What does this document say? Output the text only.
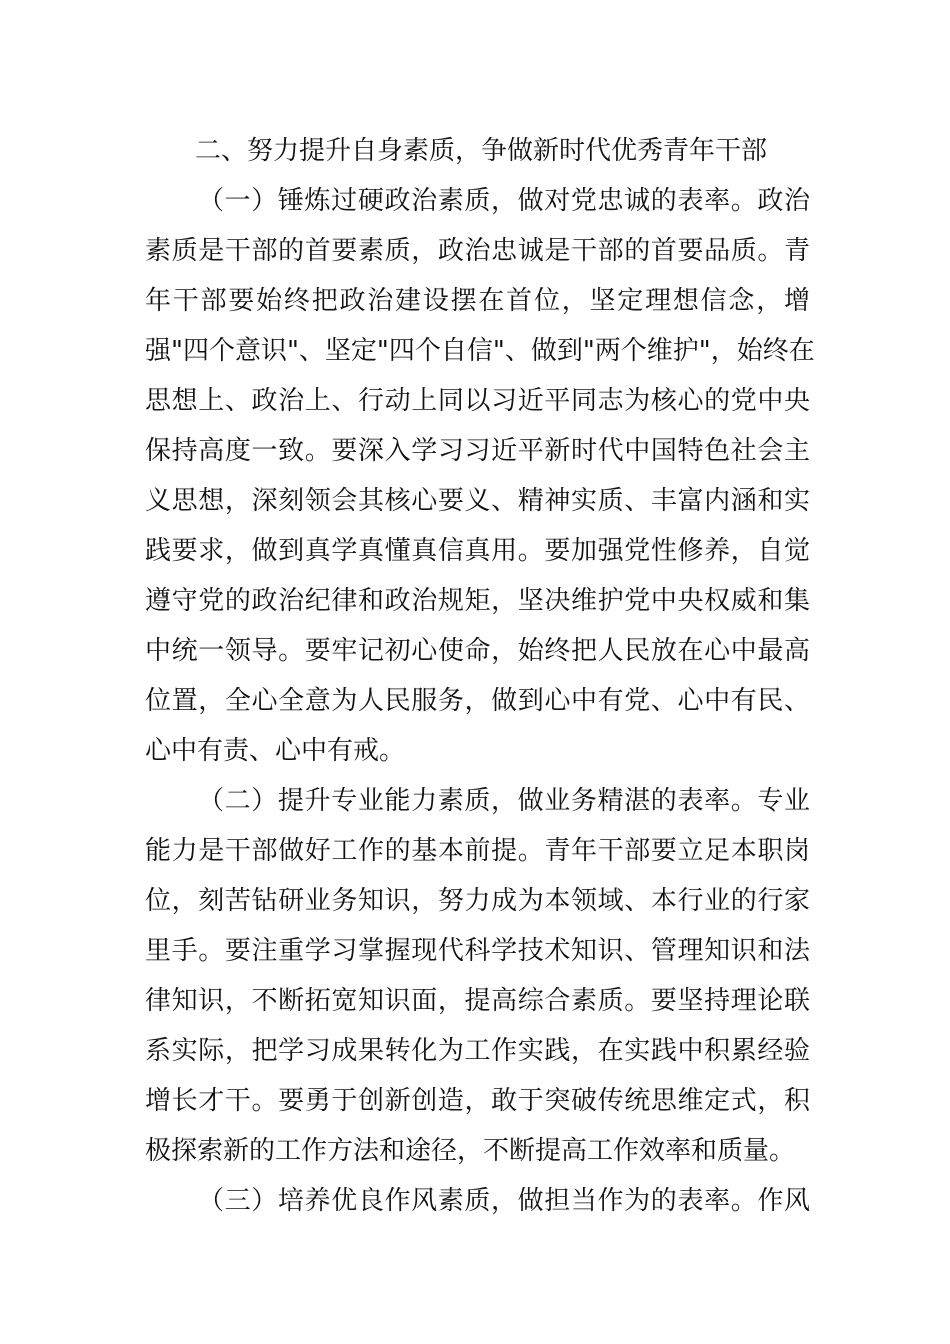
二、努力提升自身素质，争做新时代优秀青年干部
（一）锤炼过硬政治素质，做对党忠诚的表率。政治
素质是干部的首要素质，政治忠诚是干部的首要品质。青
年干部要始终把政治建设摆在首位，坚定理想信念，增
强"四个意识"、坚定"四个自信"、做到"两个维护"，始终在
思想上、政治上、行动上同以习近平同志为核心的党中央
保持高度一致。要深入学习习近平新时代中国特色社会主
义思想，深刻领会其核心要义、精神实质、丰富内涵和实
践要求，做到真学真懂真信真用。要加强党性修养，自觉
遵守党的政治纪律和政治规矩，坚决维护党中央权威和集
中统一领导。要牢记初心使命，始终把人民放在心中最高
位置，全心全意为人民服务，做到心中有党、心中有民、
心中有责、心中有戒。
（二）提升专业能力素质，做业务精湛的表率。专业
能力是干部做好工作的基本前提。青年干部要立足本职岗
位，刻苦钻研业务知识，努力成为本领域、本行业的行家
里手。要注重学习掌握现代科学技术知识、管理知识和法
律知识，不断拓宽知识面，提高综合素质。要坚持理论联
系实际，把学习成果转化为工作实践，在实践中积累经验
增长才干。要勇于创新创造，敢于突破传统思维定式，积
极探索新的工作方法和途径，不断提高工作效率和质量。
（三）培养优良作风素质，做担当作为的表率。作风
